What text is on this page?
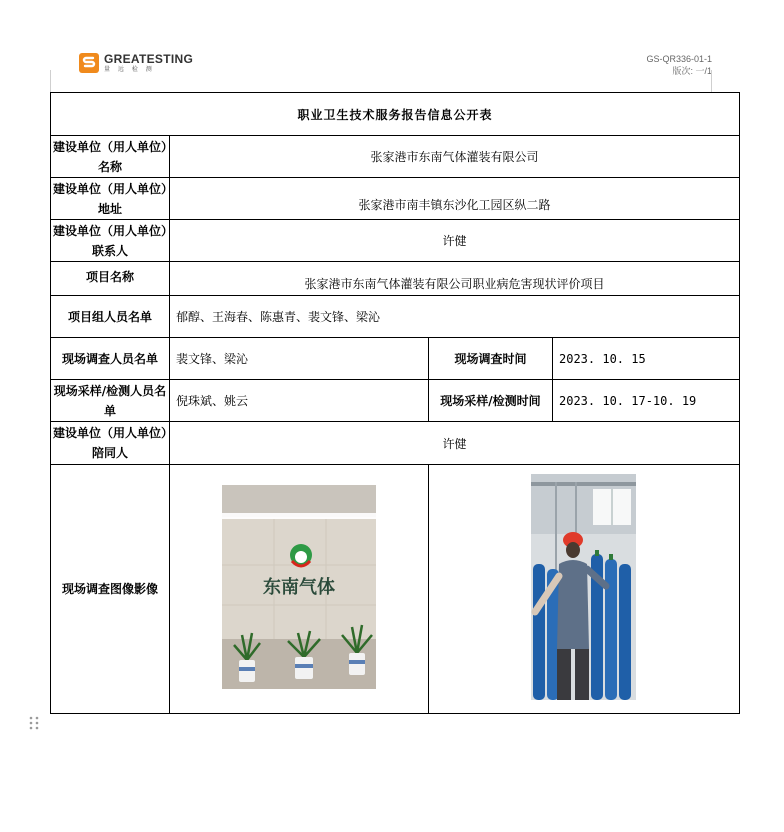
GREATESTING
量 远 检 测
GS-QR336-01-1
版次: 一/1
职业卫生技术服务报告信息公开表			
建设单位（用人单位）名称	张家港市东南气体灌装有限公司		
建设单位（用人单位）地址	张家港市南丰镇东沙化工园区纵二路		
建设单位（用人单位）联系人	许健		
项目名称	张家港市东南气体灌装有限公司职业病危害现状评价项目		
项目组人员名单	郁醇、王海春、陈惠青、裴文锋、梁沁		
现场调查人员名单	裴文锋、梁沁	现场调查时间	2023. 10. 15
现场采样/检测人员名单	倪珠斌、姚云	现场采样/检测时间	2023. 10. 17-10. 19
建设单位（用人单位）陪同人	许健		
现场调查图像影像	东南气体
